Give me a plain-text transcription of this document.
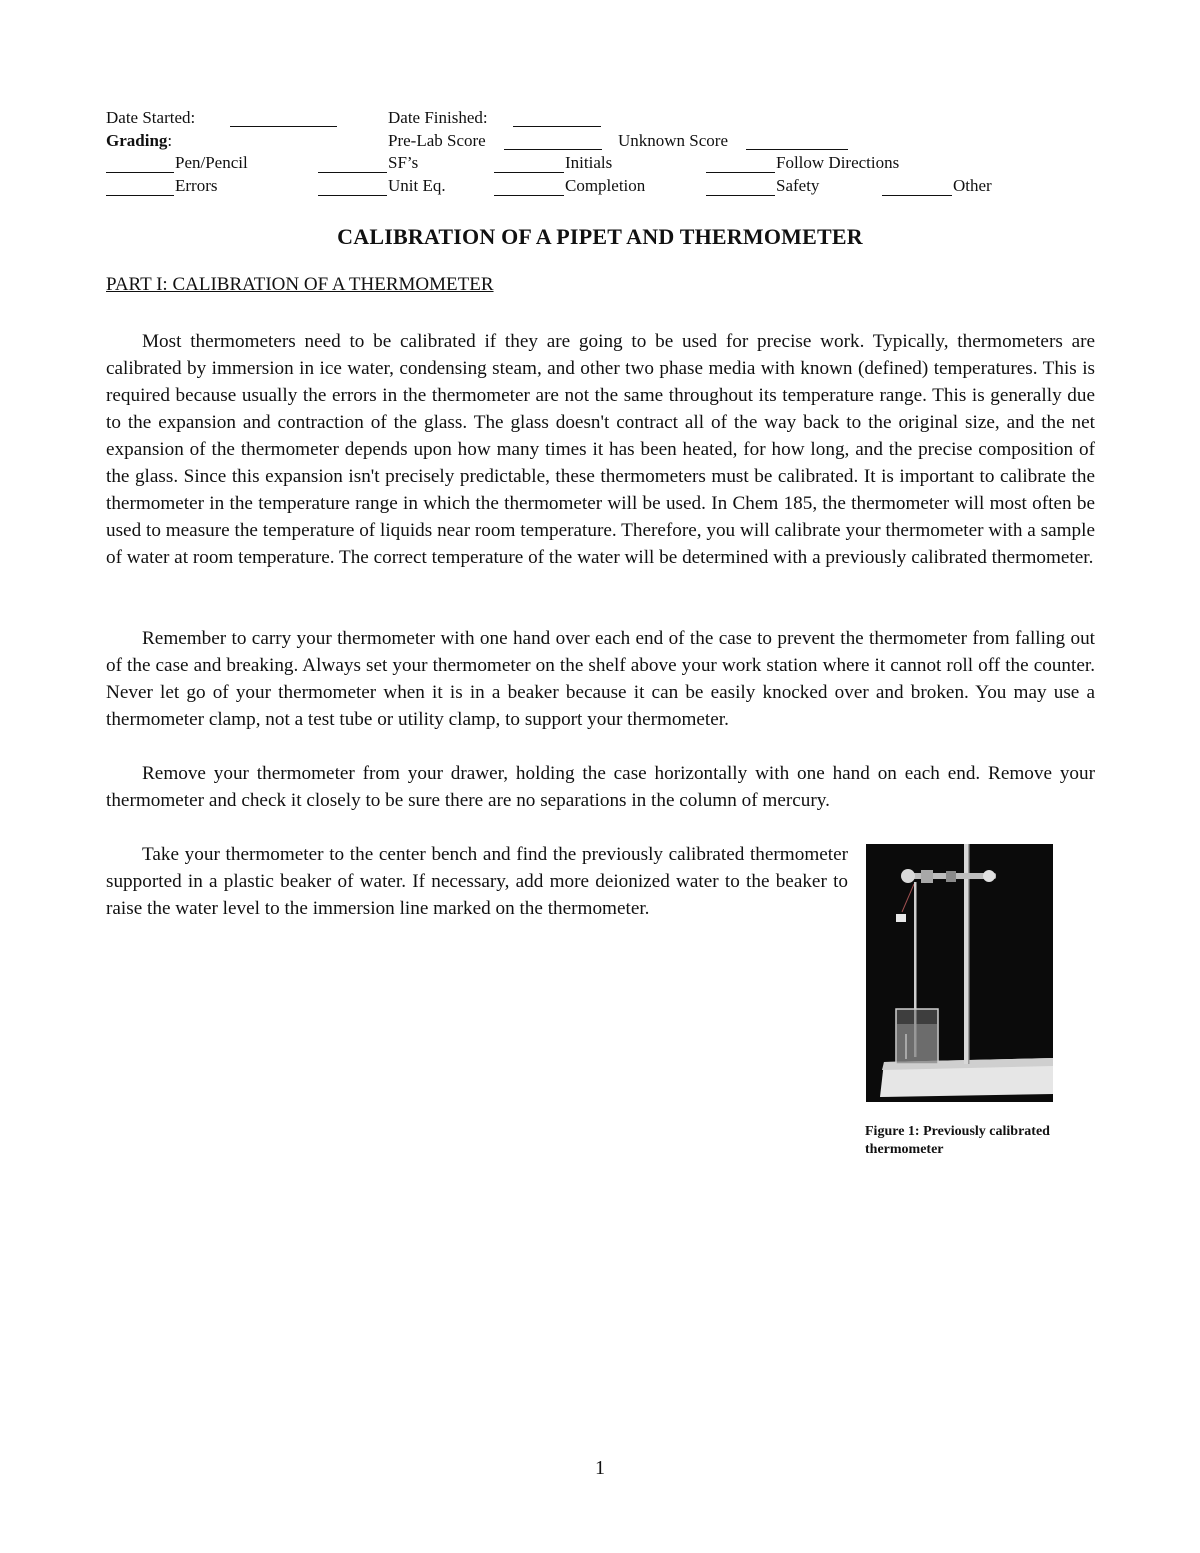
Date Started:	Date Finished:
Grading:	Pre-Lab Score	Unknown Score
Pen/Pencil	SF’s	Initials	Follow Directions
Errors	Unit Eq.	Completion	Safety	Other
CALIBRATION OF A PIPET AND THERMOMETER
PART I: CALIBRATION OF A THERMOMETER

Most thermometers need to be calibrated if they are going to be used for precise work. Typically, thermometers are calibrated by immersion in ice water, condensing steam, and other two phase media with known (defined) temperatures. This is required because usually the errors in the thermometer are not the same throughout its temperature range. This is generally due to the expansion and contraction of the glass. The glass doesn't contract all of the way back to the original size, and the net expansion of the thermometer depends upon how many times it has been heated, for how long, and the precise composition of the glass. Since this expansion isn't precisely predictable, these thermometers must be calibrated. It is important to calibrate the thermometer in the temperature range in which the thermometer will be used. In Chem 185, the thermometer will most often be used to measure the temperature of liquids near room temperature. Therefore, you will calibrate your thermometer with a sample of water at room temperature. The correct temperature of the water will be determined with a previously calibrated thermometer.

Remember to carry your thermometer with one hand over each end of the case to prevent the thermometer from falling out of the case and breaking. Always set your thermometer on the shelf above your work station where it cannot roll off the counter. Never let go of your thermometer when it is in a beaker because it can be easily knocked over and broken. You may use a thermometer clamp, not a test tube or utility clamp, to support your thermometer.

Remove your thermometer from your drawer, holding the case horizontally with one hand on each end. Remove your thermometer and check it closely to be sure there are no separations in the column of mercury.

Take your thermometer to the center bench and find the previously calibrated thermometer supported in a plastic beaker of water. If necessary, add more deionized water to the beaker to raise the water level to the immersion line marked on the thermometer.

Figure 1: Previously calibrated thermometer
1
